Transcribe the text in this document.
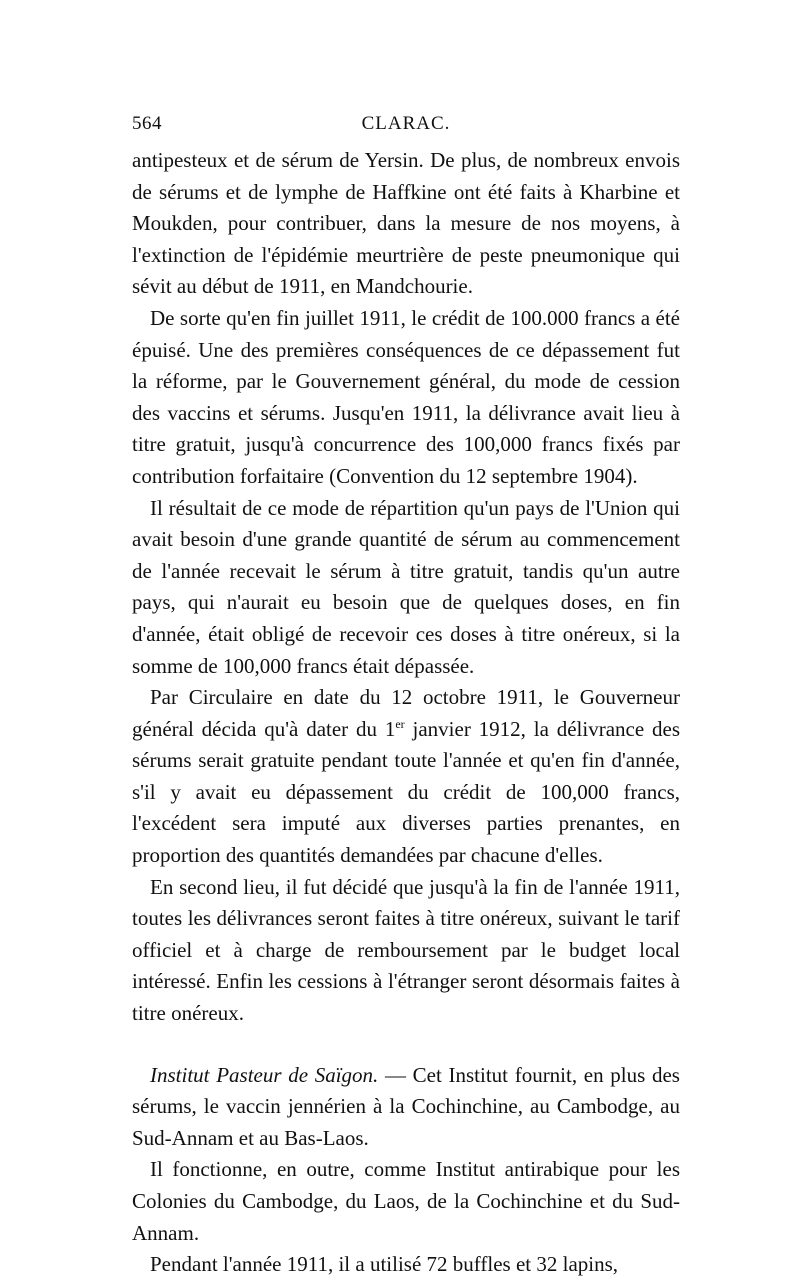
564	CLARAC.

antipesteux et de sérum de Yersin. De plus, de nombreux envois de sérums et de lymphe de Haffkine ont été faits à Kharbine et Moukden, pour contribuer, dans la mesure de nos moyens, à l'extinction de l'épidémie meurtrière de peste pneumonique qui sévit au début de 1911, en Mandchourie.

De sorte qu'en fin juillet 1911, le crédit de 100.000 francs a été épuisé. Une des premières conséquences de ce dépassement fut la réforme, par le Gouvernement général, du mode de cession des vaccins et sérums. Jusqu'en 1911, la délivrance avait lieu à titre gratuit, jusqu'à concurrence des 100,000 francs fixés par contribution forfaitaire (Convention du 12 septembre 1904).

Il résultait de ce mode de répartition qu'un pays de l'Union qui avait besoin d'une grande quantité de sérum au commencement de l'année recevait le sérum à titre gratuit, tandis qu'un autre pays, qui n'aurait eu besoin que de quelques doses, en fin d'année, était obligé de recevoir ces doses à titre onéreux, si la somme de 100,000 francs était dépassée.

Par Circulaire en date du 12 octobre 1911, le Gouverneur général décida qu'à dater du 1er janvier 1912, la délivrance des sérums serait gratuite pendant toute l'année et qu'en fin d'année, s'il y avait eu dépassement du crédit de 100,000 francs, l'excédent sera imputé aux diverses parties prenantes, en proportion des quantités demandées par chacune d'elles.

En second lieu, il fut décidé que jusqu'à la fin de l'année 1911, toutes les délivrances seront faites à titre onéreux, suivant le tarif officiel et à charge de remboursement par le budget local intéressé. Enfin les cessions à l'étranger seront désormais faites à titre onéreux.

Institut Pasteur de Saïgon. — Cet Institut fournit, en plus des sérums, le vaccin jennérien à la Cochinchine, au Cambodge, au Sud-Annam et au Bas-Laos.

Il fonctionne, en outre, comme Institut antirabique pour les Colonies du Cambodge, du Laos, de la Cochinchine et du Sud-Annam.

Pendant l'année 1911, il a utilisé 72 buffles et 32 lapins,
